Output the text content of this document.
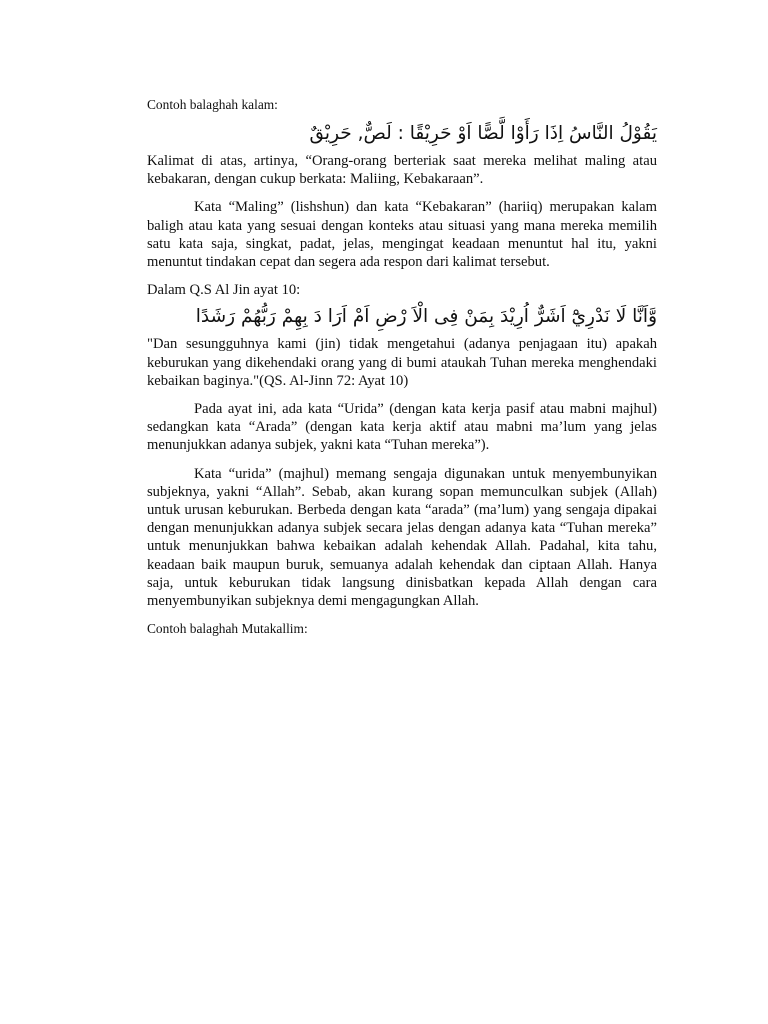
Contoh balaghah kalam:

يَقُوْلُ النَّاسُ اِذَا رَأَوْا لَّصًّا اَوْ حَرِيْقًا : لَصٌّ, حَرِيْقٌ

Kalimat di atas, artinya, “Orang-orang berteriak saat mereka melihat maling atau kebakaran, dengan cukup berkata: Maliing, Kebakaraan”.

Kata “Maling” (lishshun) dan kata “Kebakaran” (hariiq) merupakan kalam baligh atau kata yang sesuai dengan konteks atau situasi yang mana mereka memilih satu kata saja, singkat, padat, jelas, mengingat keadaan menuntut hal itu, yakni menuntut tindakan cepat dan segera ada respon dari kalimat tersebut.

Dalam Q.S Al Jin ayat 10:

وَّاَنَّا لَا نَدْرِيْٓ اَشَرٌّ اُرِيْدَ بِمَنْ فِى الْاَ رْضِ اَمْ اَرَا دَ بِهِمْ رَبُّهُمْ رَشَدًا

"Dan sesungguhnya kami (jin) tidak mengetahui (adanya penjagaan itu) apakah keburukan yang dikehendaki orang yang di bumi ataukah Tuhan mereka menghendaki kebaikan baginya."(QS. Al-Jinn 72: Ayat 10)

Pada ayat ini, ada kata “Urida” (dengan kata kerja pasif atau mabni majhul) sedangkan kata “Arada” (dengan kata kerja aktif atau mabni ma’lum yang jelas menunjukkan adanya subjek, yakni kata “Tuhan mereka”).

Kata “urida” (majhul) memang sengaja digunakan untuk menyembunyikan subjeknya, yakni “Allah”. Sebab, akan kurang sopan memunculkan subjek (Allah) untuk urusan keburukan. Berbeda dengan kata “arada” (ma’lum) yang sengaja dipakai dengan menunjukkan adanya subjek secara jelas dengan adanya kata “Tuhan mereka” untuk menunjukkan bahwa kebaikan adalah kehendak Allah. Padahal, kita tahu, keadaan baik maupun buruk, semuanya adalah kehendak dan ciptaan Allah. Hanya saja, untuk keburukan tidak langsung dinisbatkan kepada Allah dengan cara menyembunyikan subjeknya demi mengagungkan Allah.

Contoh balaghah Mutakallim:
